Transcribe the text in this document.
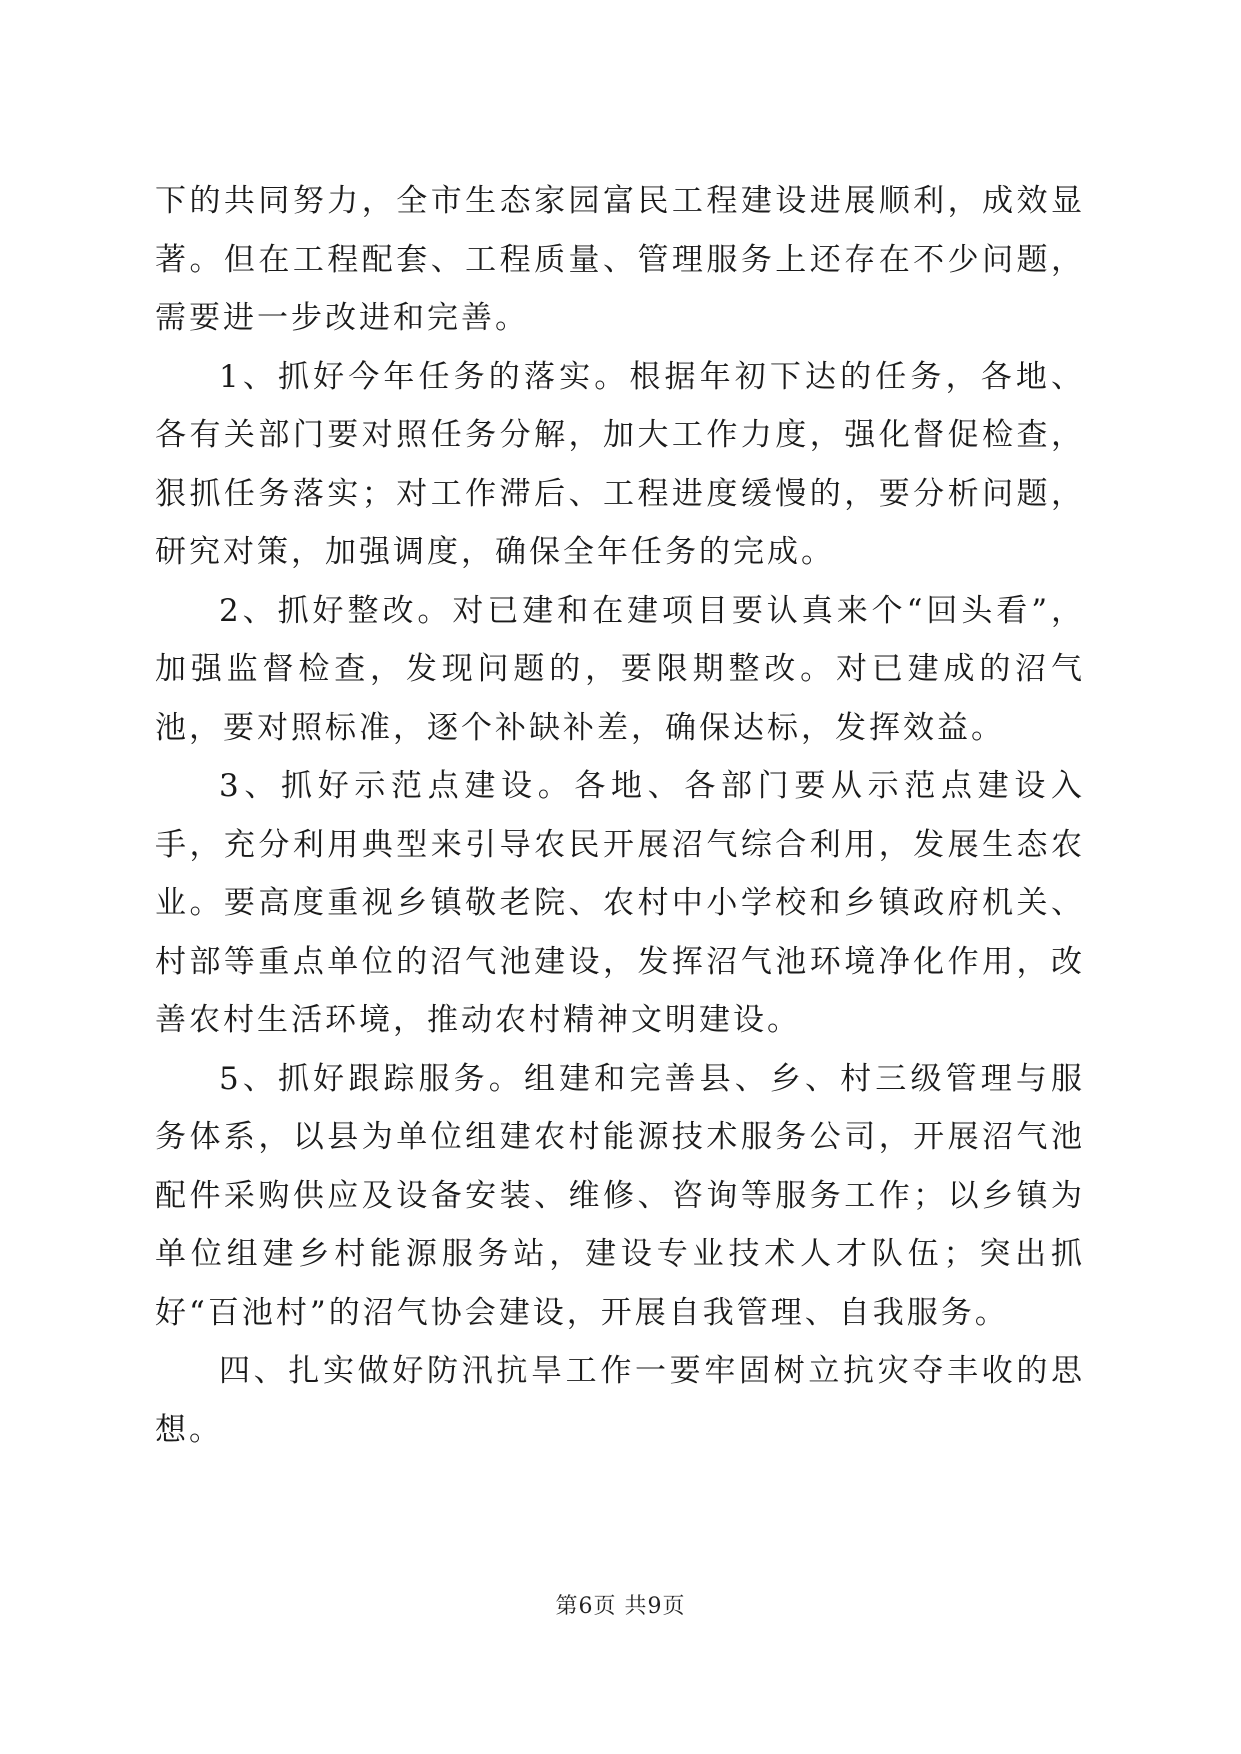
下的共同努力，全市生态家园富民工程建设进展顺利，成效显著。但在工程配套、工程质量、管理服务上还存在不少问题，需要进一步改进和完善。

1、抓好今年任务的落实。根据年初下达的任务，各地、各有关部门要对照任务分解，加大工作力度，强化督促检查，狠抓任务落实；对工作滞后、工程进度缓慢的，要分析问题，研究对策，加强调度，确保全年任务的完成。

2、抓好整改。对已建和在建项目要认真来个“回头看”，加强监督检查，发现问题的，要限期整改。对已建成的沼气池，要对照标准，逐个补缺补差，确保达标，发挥效益。

3、抓好示范点建设。各地、各部门要从示范点建设入手，充分利用典型来引导农民开展沼气综合利用，发展生态农业。要高度重视乡镇敬老院、农村中小学校和乡镇政府机关、村部等重点单位的沼气池建设，发挥沼气池环境净化作用，改善农村生活环境，推动农村精神文明建设。

5、抓好跟踪服务。组建和完善县、乡、村三级管理与服务体系，以县为单位组建农村能源技术服务公司，开展沼气池配件采购供应及设备安装、维修、咨询等服务工作；以乡镇为单位组建乡村能源服务站，建设专业技术人才队伍；突出抓好“百池村”的沼气协会建设，开展自我管理、自我服务。

四、扎实做好防汛抗旱工作一要牢固树立抗灾夺丰收的思想。

第6页 共9页
